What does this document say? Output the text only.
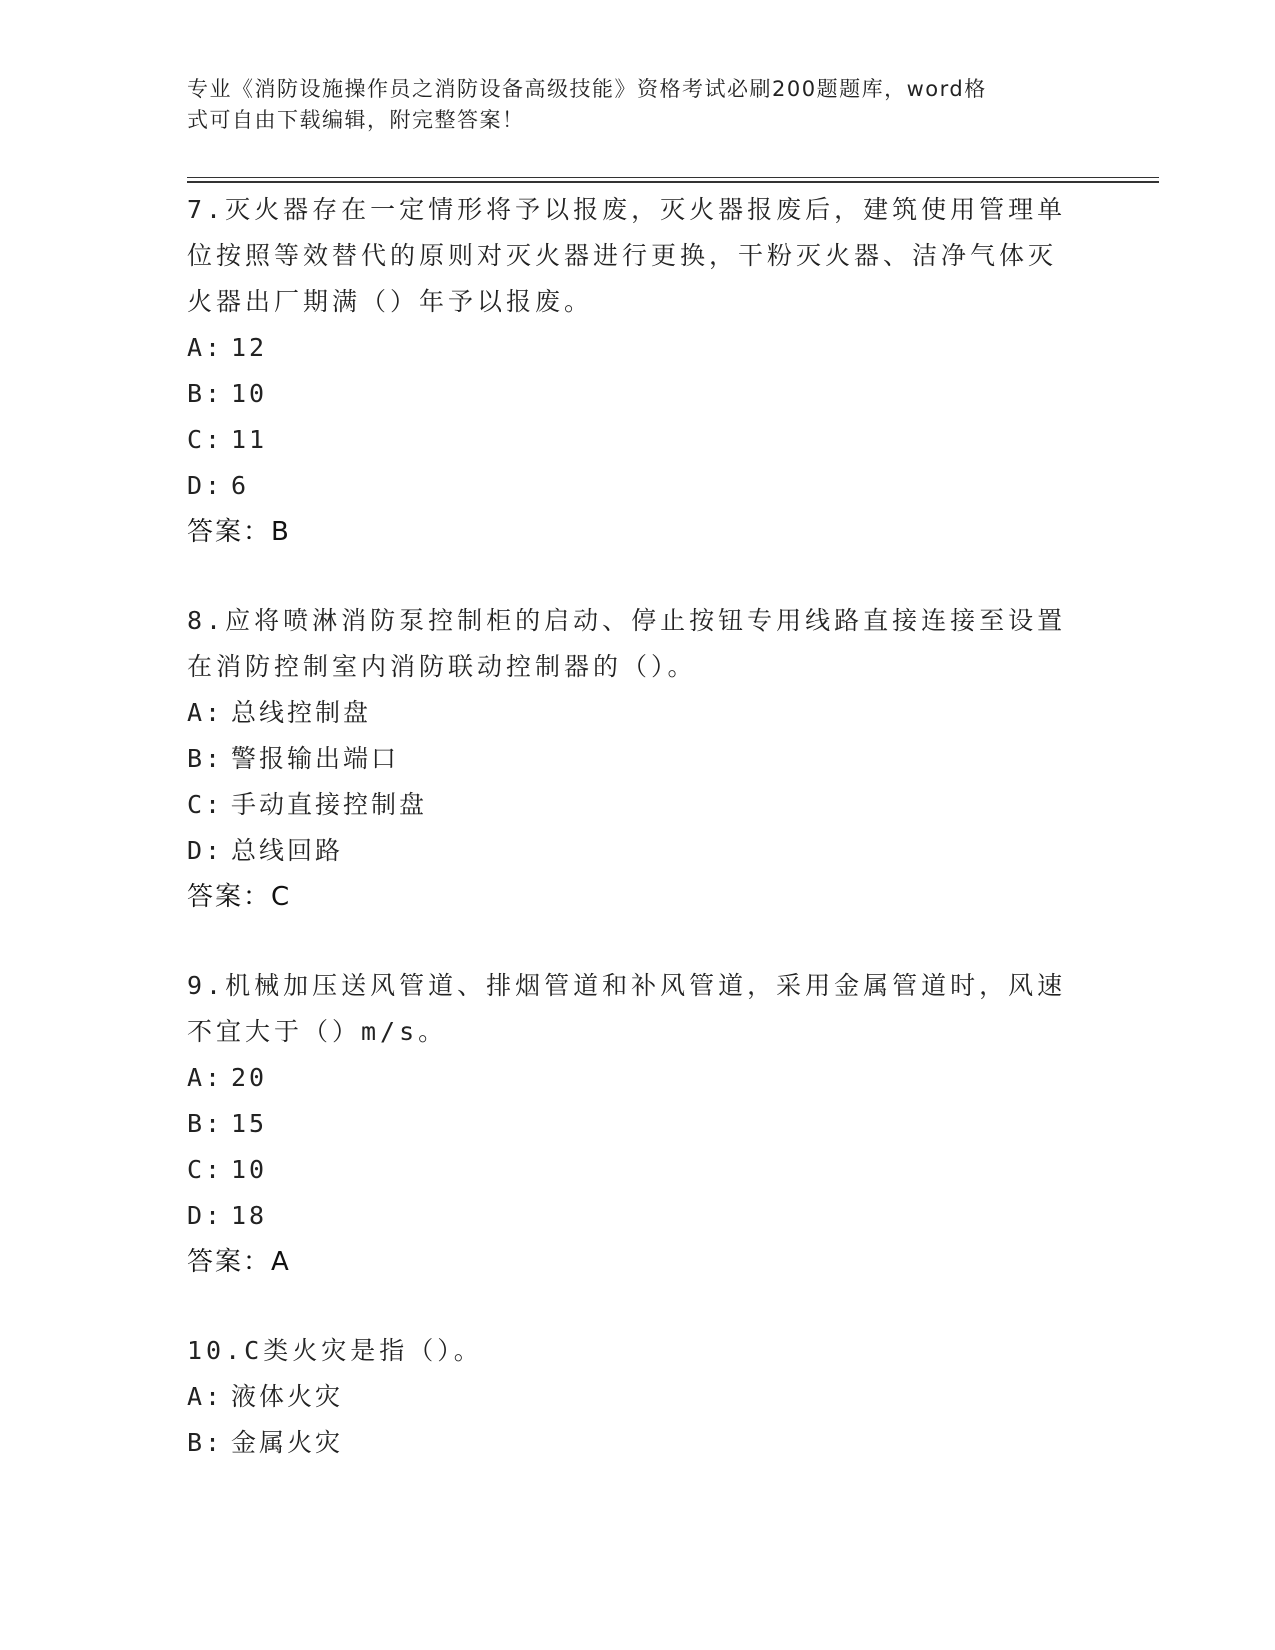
专业《消防设施操作员之消防设备高级技能》资格考试必刷200题题库，word格
式可自由下载编辑，附完整答案！

7.灭火器存在一定情形将予以报废，灭火器报废后，建筑使用管理单

位按照等效替代的原则对灭火器进行更换，干粉灭火器、洁净气体灭

火器出厂期满（）年予以报废。

A: 12

B: 10

C: 11

D: 6

答案：B

8.应将喷淋消防泵控制柜的启动、停止按钮专用线路直接连接至设置

在消防控制室内消防联动控制器的（）。

A: 总线控制盘

B: 警报输出端口

C: 手动直接控制盘

D: 总线回路

答案：C

9.机械加压送风管道、排烟管道和补风管道，采用金属管道时，风速

不宜大于（）m/s。

A: 20

B: 15

C: 10

D: 18

答案：A

10.C类火灾是指（）。

A: 液体火灾

B: 金属火灾
